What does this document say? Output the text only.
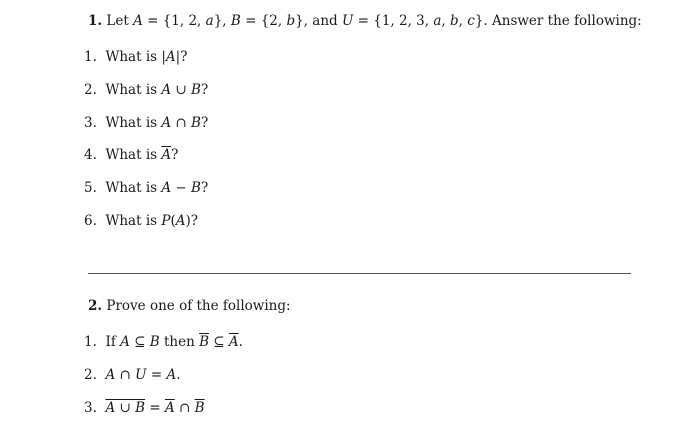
1. Let A = {1, 2, a}, B = {2, b}, and U = {1, 2, 3, a, b, c}. Answer the following:
1. What is |A|?
2. What is A ∪ B?
3. What is A ∩ B?
4. What is $\overline{A}$?
5. What is A − B?
6. What is P(A)?
2. Prove one of the following:
1. If A ⊆ B then $\overline{B}$ ⊆ $\overline{A}$.
2. A ∩ U = A.
3. A ∪ $B = \overline{A}$ ∩ $\overline{B}$
